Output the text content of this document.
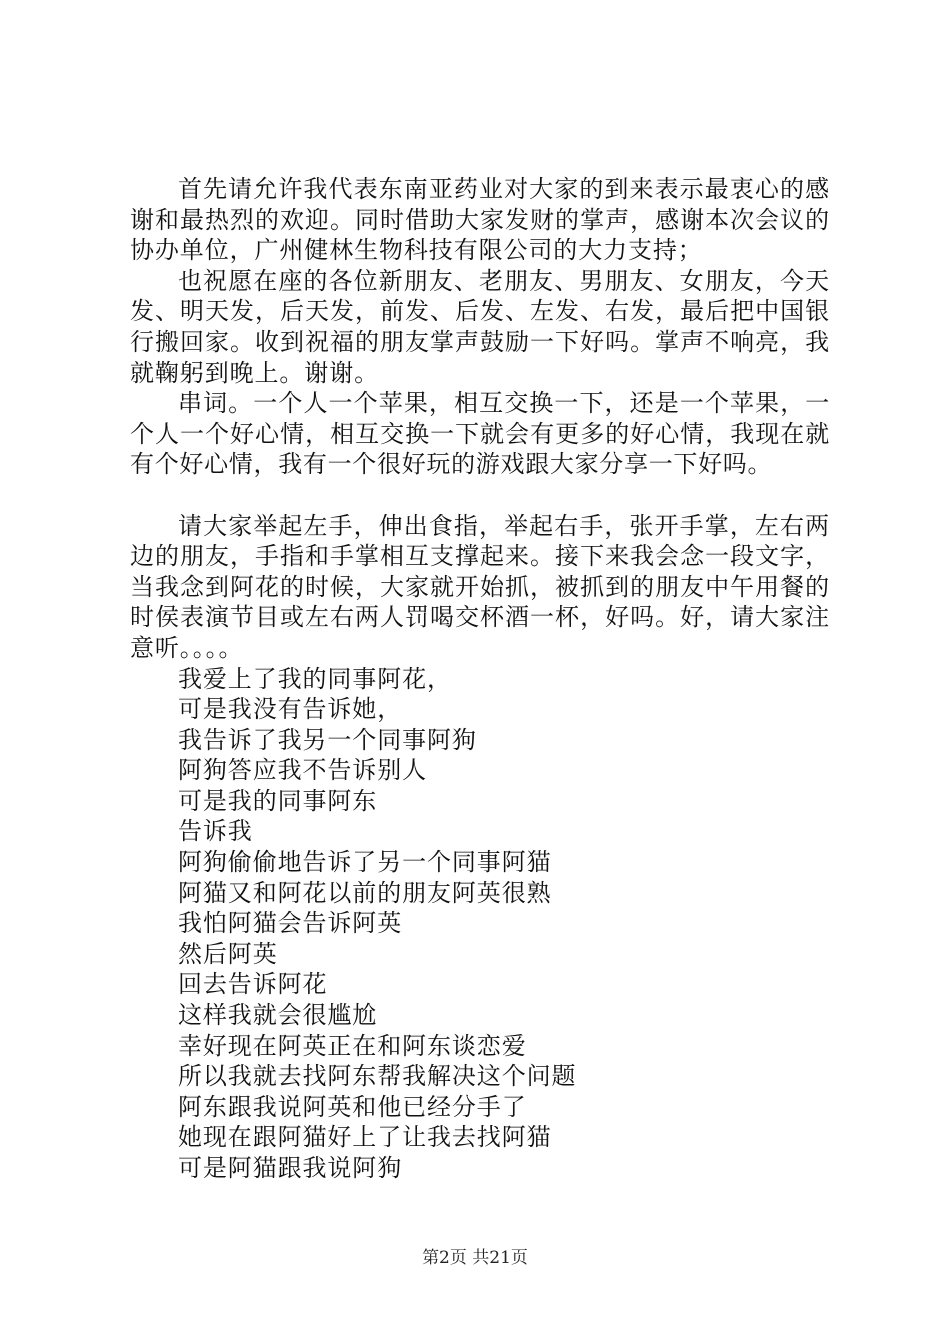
首先请允许我代表东南亚药业对大家的到来表示最衷心的感谢和最热烈的欢迎。同时借助大家发财的掌声，感谢本次会议的协办单位，广州健林生物科技有限公司的大力支持；

也祝愿在座的各位新朋友、老朋友、男朋友、女朋友，今天发、明天发，后天发，前发、后发、左发、右发，最后把中国银行搬回家。收到祝福的朋友掌声鼓励一下好吗。掌声不响亮，我就鞠躬到晚上。谢谢。

串词。一个人一个苹果，相互交换一下，还是一个苹果，一个人一个好心情，相互交换一下就会有更多的好心情，我现在就有个好心情，我有一个很好玩的游戏跟大家分享一下好吗。

请大家举起左手，伸出食指，举起右手，张开手掌，左右两边的朋友，手指和手掌相互支撑起来。接下来我会念一段文字，当我念到阿花的时候，大家就开始抓，被抓到的朋友中午用餐的时侯表演节目或左右两人罚喝交杯酒一杯，好吗。好，请大家注意听。。。。

我爱上了我的同事阿花，
可是我没有告诉她，
我告诉了我另一个同事阿狗
阿狗答应我不告诉别人
可是我的同事阿东
告诉我
阿狗偷偷地告诉了另一个同事阿猫
阿猫又和阿花以前的朋友阿英很熟
我怕阿猫会告诉阿英
然后阿英
回去告诉阿花
这样我就会很尴尬
幸好现在阿英正在和阿东谈恋爱
所以我就去找阿东帮我解决这个问题
阿东跟我说阿英和他已经分手了
她现在跟阿猫好上了让我去找阿猫
可是阿猫跟我说阿狗
第2页 共21页
